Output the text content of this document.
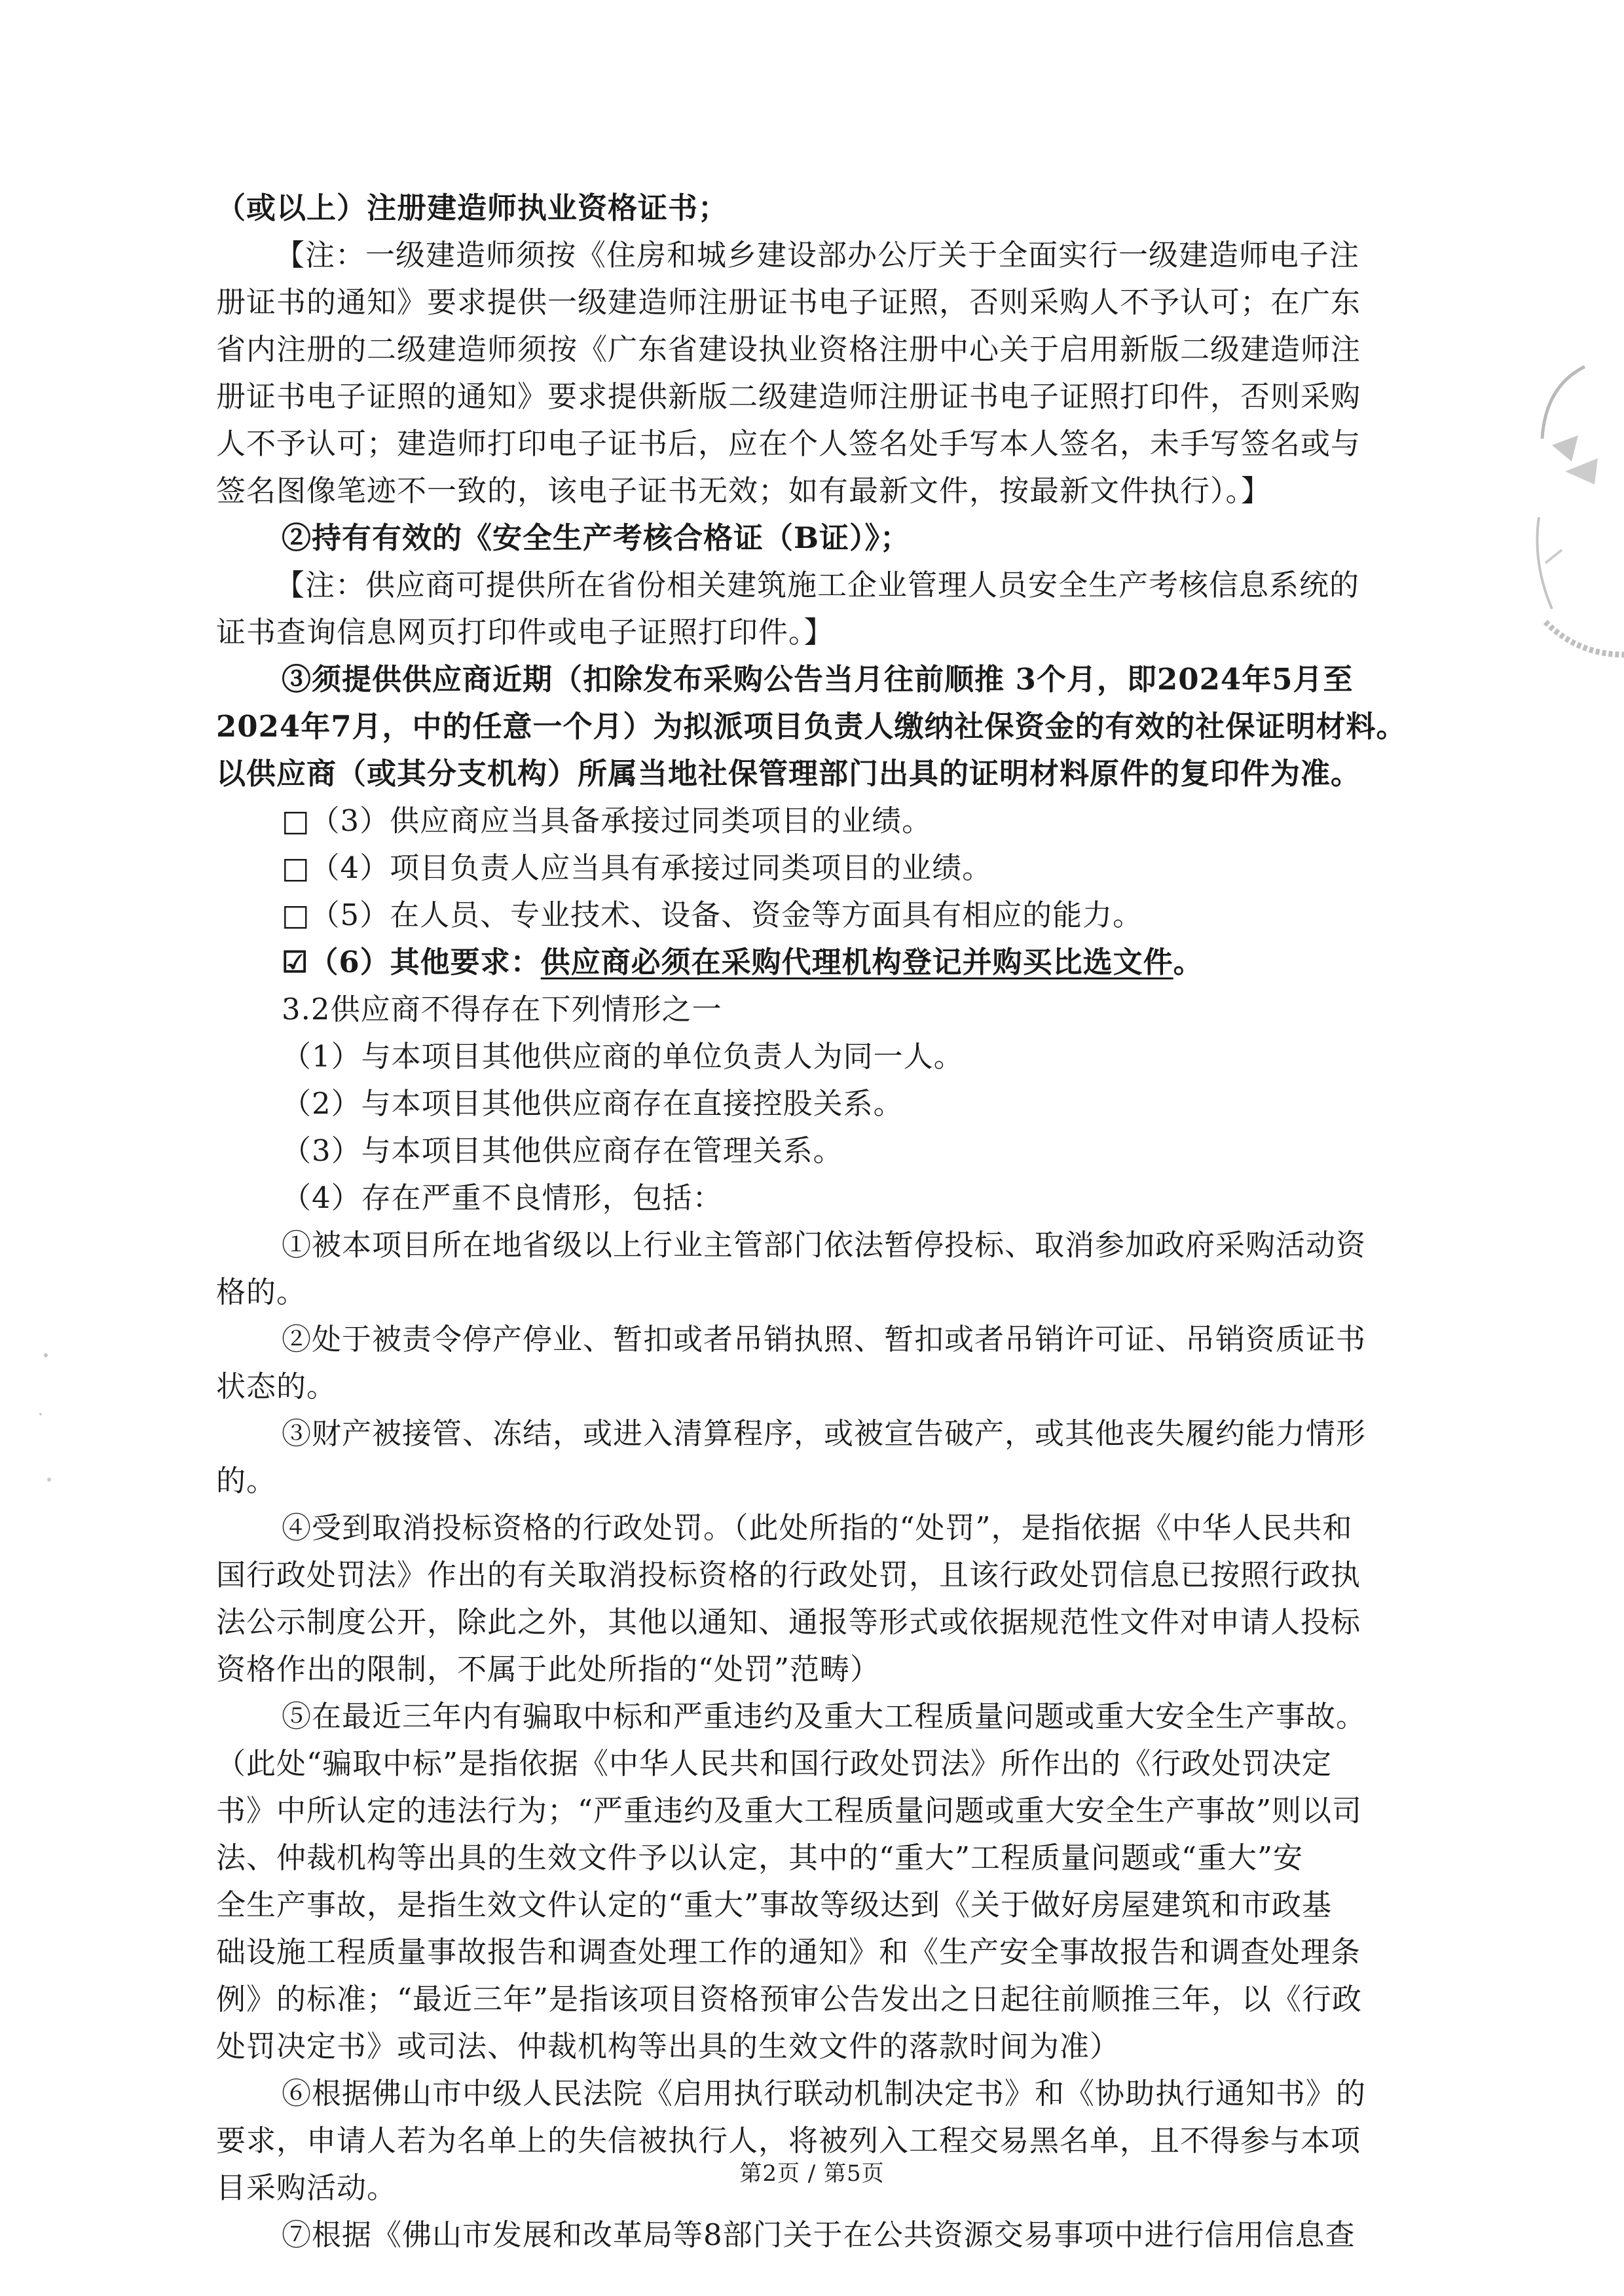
（或以上）注册建造师执业资格证书；
【注：一级建造师须按《住房和城乡建设部办公厅关于全面实行一级建造师电子注
册证书的通知》要求提供一级建造师注册证书电子证照，否则采购人不予认可；在广东
省内注册的二级建造师须按《广东省建设执业资格注册中心关于启用新版二级建造师注
册证书电子证照的通知》要求提供新版二级建造师注册证书电子证照打印件，否则采购
人不予认可；建造师打印电子证书后，应在个人签名处手写本人签名，未手写签名或与
签名图像笔迹不一致的，该电子证书无效；如有最新文件，按最新文件执行）。】
②持有有效的《安全生产考核合格证（B证）》；
【注：供应商可提供所在省份相关建筑施工企业管理人员安全生产考核信息系统的
证书查询信息网页打印件或电子证照打印件。】
③须提供供应商近期（扣除发布采购公告当月往前顺推 3个月，即2024年5月至
2024年7月，中的任意一个月）为拟派项目负责人缴纳社保资金的有效的社保证明材料。
以供应商（或其分支机构）所属当地社保管理部门出具的证明材料原件的复印件为准。
□（3）供应商应当具备承接过同类项目的业绩。
□（4）项目负责人应当具有承接过同类项目的业绩。
□（5）在人员、专业技术、设备、资金等方面具有相应的能力。
☑（6）其他要求：供应商必须在采购代理机构登记并购买比选文件。
3.2供应商不得存在下列情形之一
（1）与本项目其他供应商的单位负责人为同一人。
（2）与本项目其他供应商存在直接控股关系。
（3）与本项目其他供应商存在管理关系。
（4）存在严重不良情形，包括：
①被本项目所在地省级以上行业主管部门依法暂停投标、取消参加政府采购活动资
格的。
②处于被责令停产停业、暂扣或者吊销执照、暂扣或者吊销许可证、吊销资质证书
状态的。
③财产被接管、冻结，或进入清算程序，或被宣告破产，或其他丧失履约能力情形
的。
④受到取消投标资格的行政处罚。（此处所指的“处罚”，是指依据《中华人民共和
国行政处罚法》作出的有关取消投标资格的行政处罚，且该行政处罚信息已按照行政执
法公示制度公开，除此之外，其他以通知、通报等形式或依据规范性文件对申请人投标
资格作出的限制，不属于此处所指的“处罚”范畴）
⑤在最近三年内有骗取中标和严重违约及重大工程质量问题或重大安全生产事故。
（此处“骗取中标”是指依据《中华人民共和国行政处罚法》所作出的《行政处罚决定
书》中所认定的违法行为；“严重违约及重大工程质量问题或重大安全生产事故”则以司
法、仲裁机构等出具的生效文件予以认定，其中的“重大”工程质量问题或“重大”安
全生产事故，是指生效文件认定的“重大”事故等级达到《关于做好房屋建筑和市政基
础设施工程质量事故报告和调查处理工作的通知》和《生产安全事故报告和调查处理条
例》的标准；“最近三年”是指该项目资格预审公告发出之日起往前顺推三年，以《行政
处罚决定书》或司法、仲裁机构等出具的生效文件的落款时间为准）
⑥根据佛山市中级人民法院《启用执行联动机制决定书》和《协助执行通知书》的
要求，申请人若为名单上的失信被执行人，将被列入工程交易黑名单，且不得参与本项
目采购活动。
⑦根据《佛山市发展和改革局等8部门关于在公共资源交易事项中进行信用信息查
第2页 / 第5页
